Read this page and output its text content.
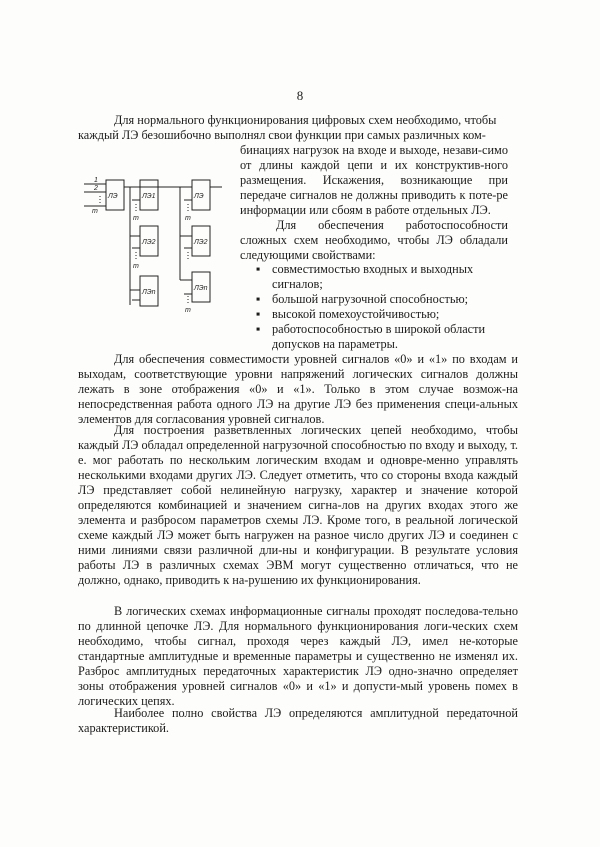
8

Для нормального функционирования цифровых схем необходимо, чтобы

каждый ЛЭ безошибочно выполнял свои функции при самых различных ком-

бинациях нагрузок на входе и выходе, незави-симо от длины каждой цепи и их конструктив-ного размещения. Искажения, возникающие при передаче сигналов не должны приводить к поте-ре информации или сбоям в работе отдельных ЛЭ.

Для обеспечения работоспособности сложных схем необходимо, чтобы ЛЭ обладали следующими свойствами:

▪ совместимостью входных и выходных сигналов;
▪ большой нагрузочной способностью;
▪ высокой помехоустойчивостью;
▪ работоспособностью в широкой области допусков на параметры.
1
2
m
ЛЭ	ЛЭ1
ЛЭ2
ЛЭn
ЛЭ
ЛЭ2
ЛЭn
m
m
m
m

Для обеспечения совместимости уровней сигналов «0» и «1» по входам и выходам, соответствующие уровни напряжений логических сигналов должны лежать в зоне отображения «0» и «1». Только в этом случае возмож-на непосредственная работа одного ЛЭ на другие ЛЭ без применения специ-альных элементов для согласования уровней сигналов.

Для построения разветвленных логических цепей необходимо, чтобы каждый ЛЭ обладал определенной нагрузочной способностью по входу и выходу, т. е. мог работать по нескольким логическим входам и одновре-менно управлять несколькими входами других ЛЭ. Следует отметить, что со стороны входа каждый ЛЭ представляет собой нелинейную нагрузку, характер и значение которой определяются комбинацией и значением сигна-лов на других входах этого же элемента и разбросом параметров схемы ЛЭ. Кроме того, в реальной логической схеме каждый ЛЭ может быть нагружен на разное число других ЛЭ и соединен с ними линиями связи различной дли-ны и конфигурации. В результате условия работы ЛЭ в различных схемах ЭВМ могут существенно отличаться, что не должно, однако, приводить к на-рушению их функционирования.

В логических схемах информационные сигналы проходят последова-тельно по длинной цепочке ЛЭ. Для нормального функционирования логи-ческих схем необходимо, чтобы сигнал, проходя через каждый ЛЭ, имел не-которые стандартные амплитудные и временные параметры и существенно не изменял их. Разброс амплитудных передаточных характеристик ЛЭ одно-значно определяет зоны отображения уровней сигналов «0» и «1» и допусти-мый уровень помех в логических цепях.

Наиболее полно свойства ЛЭ определяются амплитудной передаточной характеристикой.
